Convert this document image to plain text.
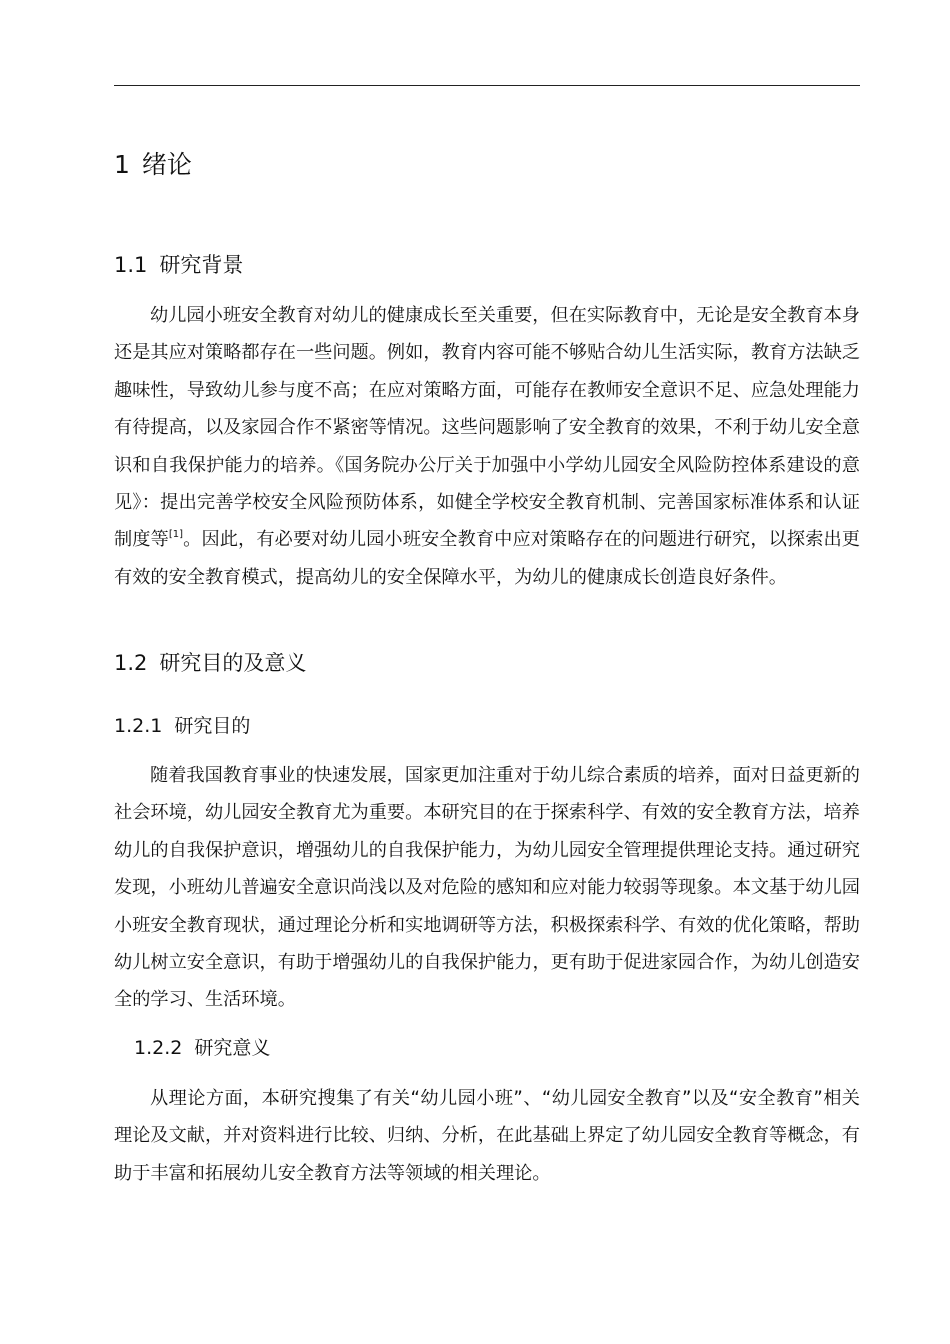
1 绪论
1.1 研究背景

幼儿园小班安全教育对幼儿的健康成长至关重要，但在实际教育中，无论是安全教育本身还是其应对策略都存在一些问题。例如，教育内容可能不够贴合幼儿生活实际，教育方法缺乏趣味性，导致幼儿参与度不高；在应对策略方面，可能存在教师安全意识不足、应急处理能力有待提高，以及家园合作不紧密等情况。这些问题影响了安全教育的效果，不利于幼儿安全意识和自我保护能力的培养。《国务院办公厅关于加强中小学幼儿园安全风险防控体系建设的意见》：提出完善学校安全风险预防体系，如健全学校安全教育机制、完善国家标准体系和认证制度等[1]。因此，有必要对幼儿园小班安全教育中应对策略存在的问题进行研究，以探索出更有效的安全教育模式，提高幼儿的安全保障水平，为幼儿的健康成长创造良好条件。

1.2 研究目的及意义
1.2.1 研究目的

随着我国教育事业的快速发展，国家更加注重对于幼儿综合素质的培养，面对日益更新的社会环境，幼儿园安全教育尤为重要。本研究目的在于探索科学、有效的安全教育方法，培养幼儿的自我保护意识，增强幼儿的自我保护能力，为幼儿园安全管理提供理论支持。通过研究发现，小班幼儿普遍安全意识尚浅以及对危险的感知和应对能力较弱等现象。本文基于幼儿园小班安全教育现状，通过理论分析和实地调研等方法，积极探索科学、有效的优化策略，帮助幼儿树立安全意识，有助于增强幼儿的自我保护能力，更有助于促进家园合作，为幼儿创造安全的学习、生活环境。

1.2.2 研究意义

从理论方面，本研究搜集了有关“幼儿园小班”、“幼儿园安全教育”以及“安全教育”相关理论及文献，并对资料进行比较、归纳、分析，在此基础上界定了幼儿园安全教育等概念，有助于丰富和拓展幼儿安全教育方法等领域的相关理论。
